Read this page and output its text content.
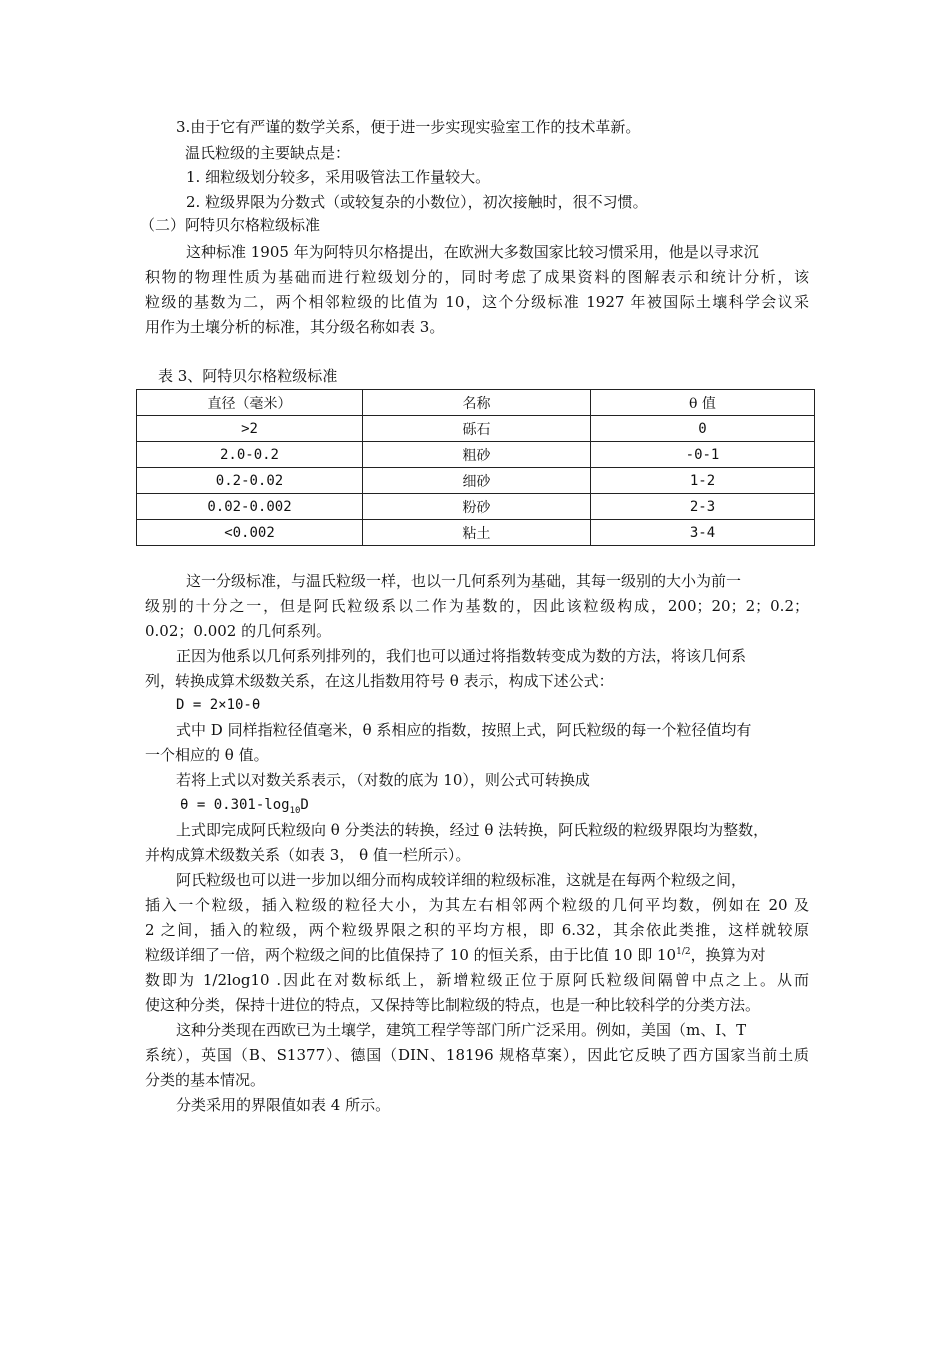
3.由于它有严谨的数学关系，便于进一步实现实验室工作的技术革新。
温氏粒级的主要缺点是：
1. 细粒级划分较多，采用吸管法工作量较大。
2. 粒级界限为分数式（或较复杂的小数位），初次接触时，很不习惯。
（二）阿特贝尔格粒级标准
这种标准 1905 年为阿特贝尔格提出，在欧洲大多数国家比较习惯采用，他是以寻求沉
积物的物理性质为基础而进行粒级划分的，同时考虑了成果资料的图解表示和统计分析，该
粒级的基数为二，两个相邻粒级的比值为 10，这个分级标准 1927 年被国际土壤科学会议采
用作为土壤分析的标准，其分级名称如表 3。
表 3、阿特贝尔格粒级标准
直径（毫米）	名称	θ 值
>2	砾石	0
2.0-0.2	粗砂	-0-1
0.2-0.02	细砂	1-2
0.02-0.002	粉砂	2-3
<0.002	粘土	3-4
这一分级标准，与温氏粒级一样，也以一几何系列为基础，其每一级别的大小为前一
级别的十分之一，但是阿氏粒级系以二作为基数的，因此该粒级构成，200；20；2；0.2；
0.02；0.002 的几何系列。
正因为他系以几何系列排列的，我们也可以通过将指数转变成为数的方法，将该几何系
列，转换成算术级数关系，在这儿指数用符号 θ 表示，构成下述公式：
D = 2×10-θ
式中 D 同样指粒径值毫米，θ 系相应的指数，按照上式，阿氏粒级的每一个粒径值均有
一个相应的 θ 值。
若将上式以对数关系表示，（对数的底为 10），则公式可转换成
$\theta = 0.301-\log_{10}D$
上式即完成阿氏粒级向 θ 分类法的转换，经过 θ 法转换，阿氏粒级的粒级界限均为整数，
并构成算术级数关系（如表 3， θ 值一栏所示）。
阿氏粒级也可以进一步加以细分而构成较详细的粒级标准，这就是在每两个粒级之间，
插入一个粒级，插入粒级的粒径大小，为其左右相邻两个粒级的几何平均数，例如在 20 及
2 之间，插入的粒级，两个粒级界限之积的平均方根，即 6.32，其余依此类推，这样就较原
粒级详细了一倍，两个粒级之间的比值保持了 10 的恒关系，由于比值 10 即 $10^{1/2}$，换算为对
数即为 1/2log10 .因此在对数标纸上，新增粒级正位于原阿氏粒级间隔曾中点之上。从而
使这种分类，保持十进位的特点，又保持等比制粒级的特点，也是一种比较科学的分类方法。
这种分类现在西欧已为土壤学，建筑工程学等部门所广泛采用。例如，美国（m、I、T
系统），英国（B、S1377）、德国（DIN、18196 规格草案），因此它反映了西方国家当前土质
分类的基本情况。
分类采用的界限值如表 4 所示。
